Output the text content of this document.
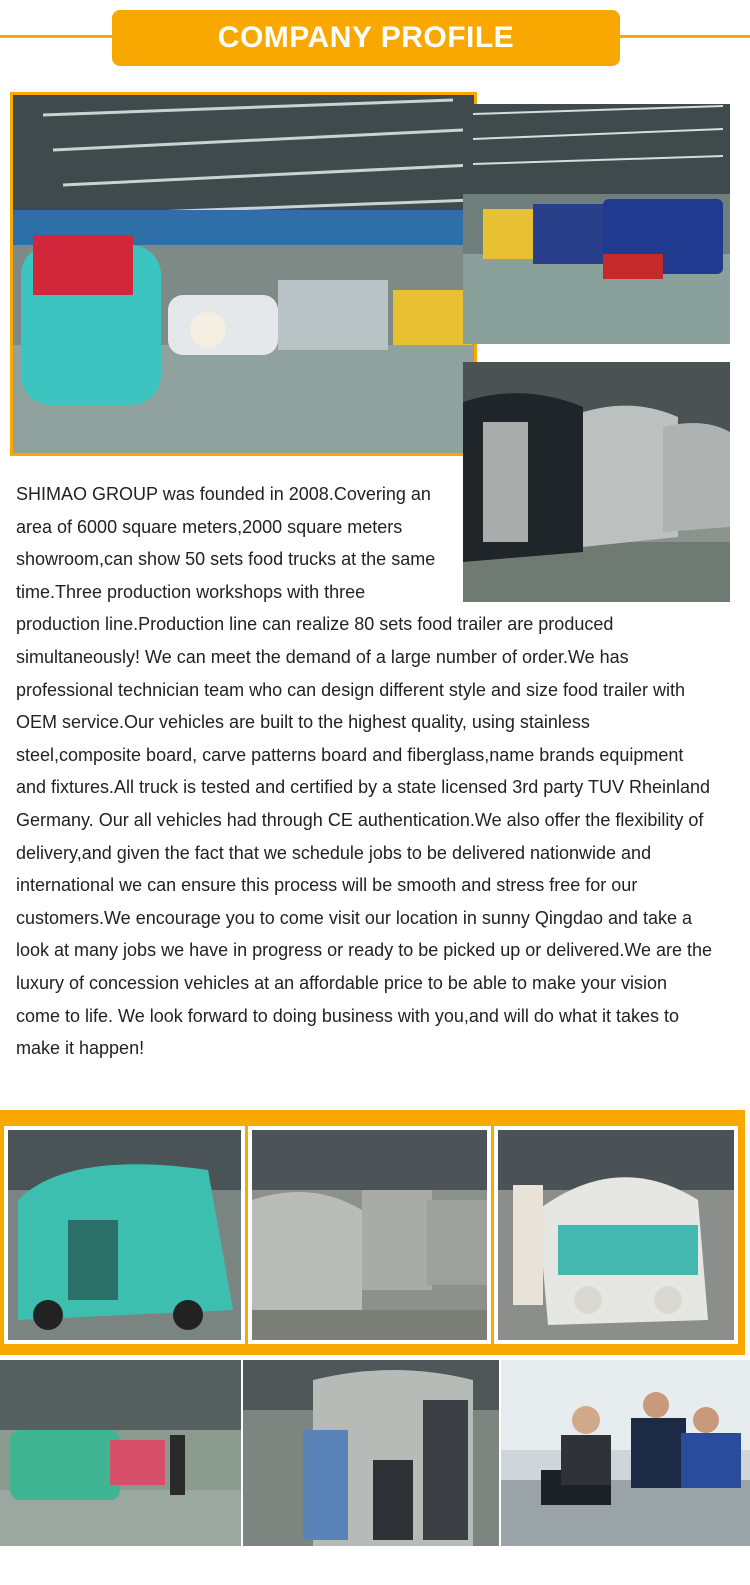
COMPANY PROFILE
SHIMAO GROUP was founded in 2008.Covering an area of 6000 square meters,2000 square meters showroom,can show 50 sets food trucks at the same time.Three production workshops with three production line.Production line can realize 80 sets food trailer are produced simultaneously! We can meet the demand of a large number of order.We has professional technician team who can design different style and size food trailer with OEM service.Our vehicles are built to the highest quality, using stainless steel,composite board, carve patterns board and fiberglass,name brands equipment and fixtures.All truck is tested and certified by a state licensed 3rd party TUV Rheinland Germany. Our all vehicles had through CE authentication.We also offer the flexibility of delivery,and given the fact that we schedule jobs to be delivered nationwide and international we can ensure this process will be smooth and stress free for our customers.We encourage you to come visit our location in sunny Qingdao and take a look at many jobs we have in progress or ready to be picked up or delivered.We are the luxury of concession vehicles at an affordable price to be able to make your vision come to life. We look forward to doing business with you,and will do what it takes to make it happen!
